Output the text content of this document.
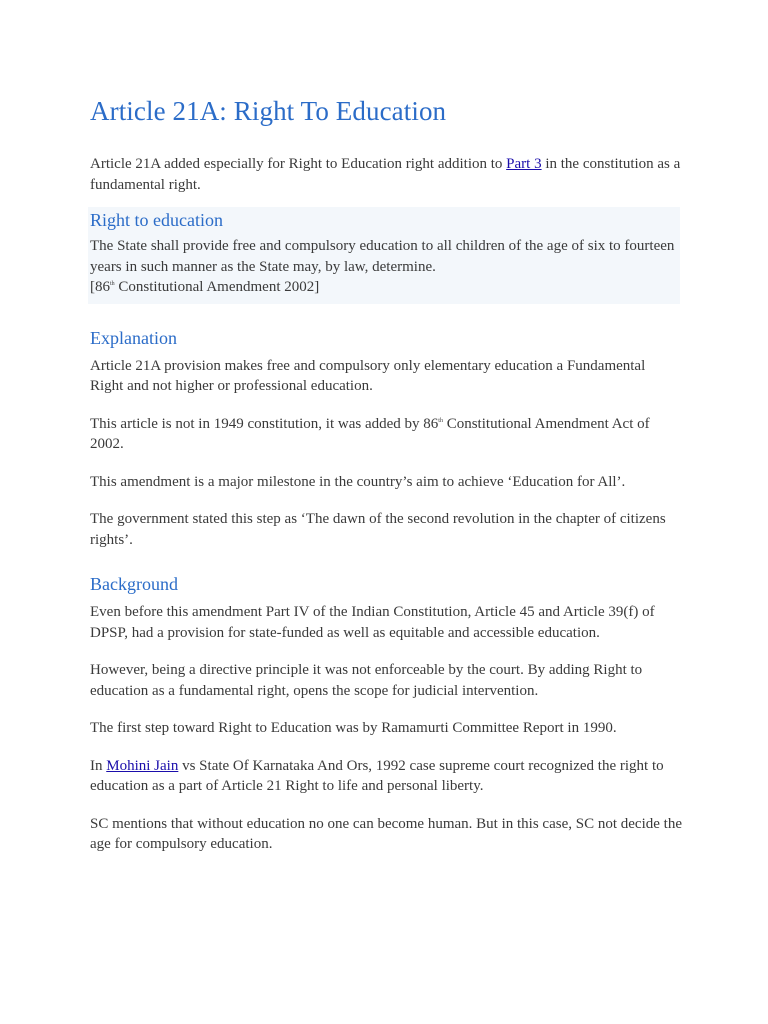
Article 21A: Right To Education

Article 21A added especially for Right to Education right addition to Part 3 in the constitution as a fundamental right.

Right to education

The State shall provide free and compulsory education to all children of the age of six to fourteen years in such manner as the State may, by law, determine.
[86th Constitutional Amendment 2002]

Explanation

Article 21A provision makes free and compulsory only elementary education a Fundamental Right and not higher or professional education.

This article is not in 1949 constitution, it was added by 86th Constitutional Amendment Act of 2002.

This amendment is a major milestone in the country’s aim to achieve ‘Education for All’.

The government stated this step as ‘The dawn of the second revolution in the chapter of citizens rights’.

Background

Even before this amendment Part IV of the Indian Constitution, Article 45 and Article 39(f) of DPSP, had a provision for state-funded as well as equitable and accessible education.

However, being a directive principle it was not enforceable by the court. By adding Right to education as a fundamental right, opens the scope for judicial intervention.

The first step toward Right to Education was by Ramamurti Committee Report in 1990.

In Mohini Jain vs State Of Karnataka And Ors, 1992 case supreme court recognized the right to education as a part of Article 21 Right to life and personal liberty.

SC mentions that without education no one can become human. But in this case, SC not decide the age for compulsory education.
